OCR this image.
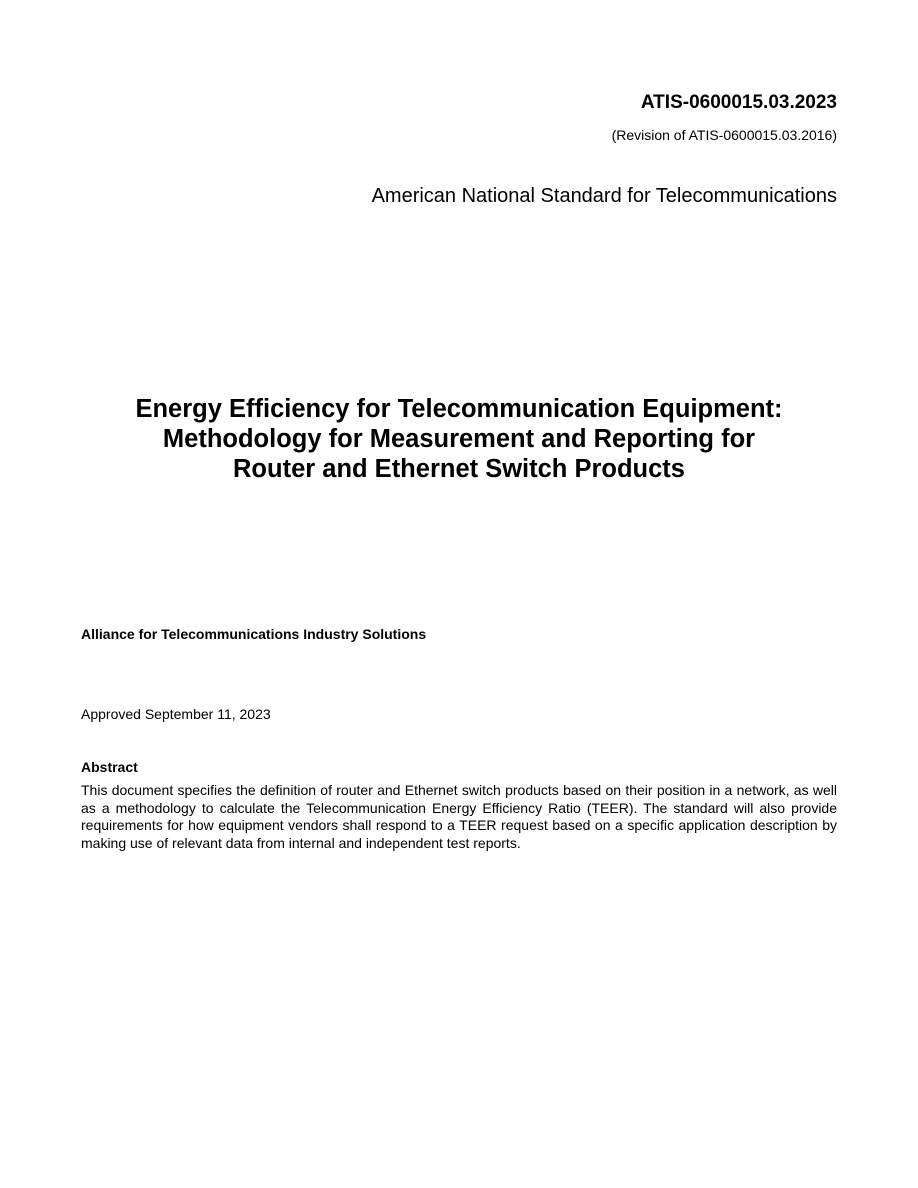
ATIS-0600015.03.2023
(Revision of ATIS-0600015.03.2016)
American National Standard for Telecommunications
Energy Efficiency for Telecommunication Equipment:
Methodology for Measurement and Reporting for
Router and Ethernet Switch Products
Alliance for Telecommunications Industry Solutions
Approved September 11, 2023
Abstract
This document specifies the definition of router and Ethernet switch products based on their position in a network, as well as a methodology to calculate the Telecommunication Energy Efficiency Ratio (TEER). The standard will also provide requirements for how equipment vendors shall respond to a TEER request based on a specific application description by making use of relevant data from internal and independent test reports.
